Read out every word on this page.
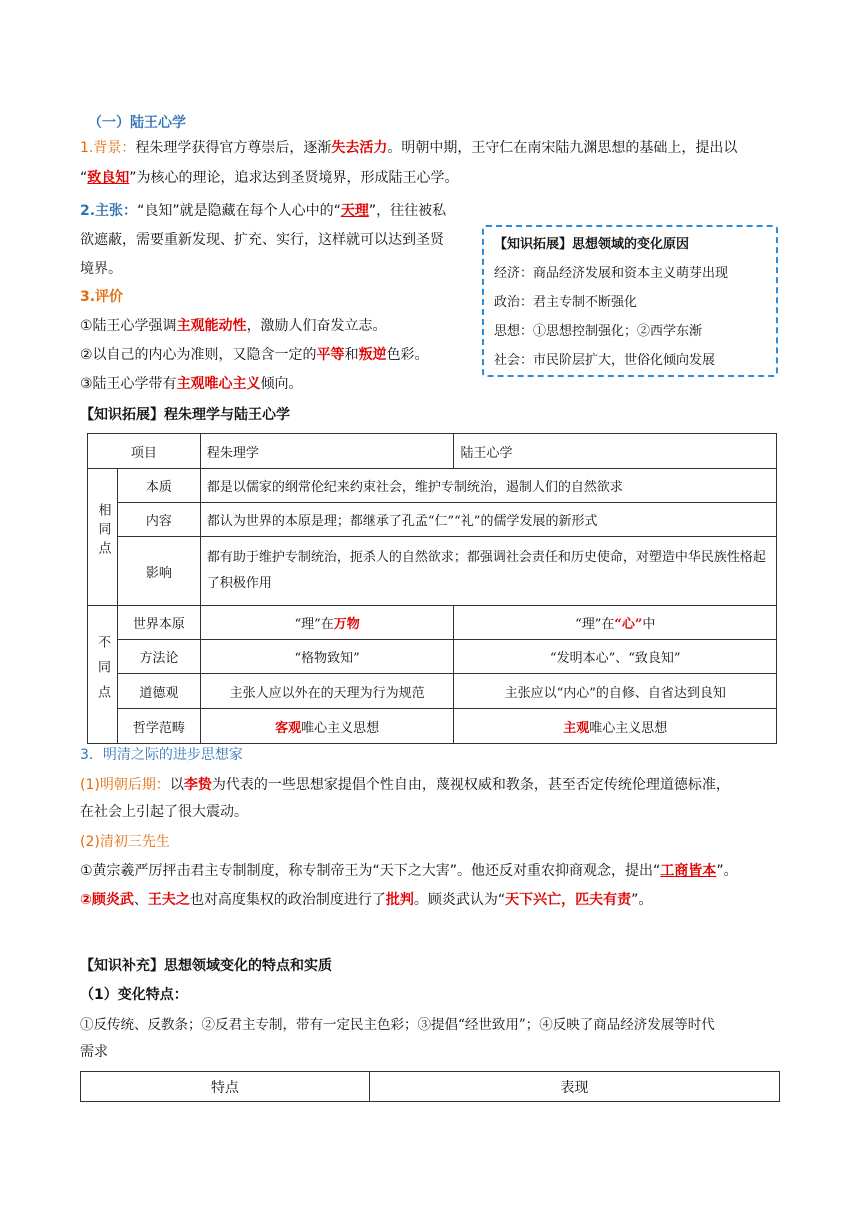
（一）陆王心学
1.背景：程朱理学获得官方尊崇后，逐渐失去活力。明朝中期，王守仁在南宋陆九渊思想的基础上，提出以
“致良知”为核心的理论，追求达到圣贤境界，形成陆王心学。
2.主张：“良知”就是隐藏在每个人心中的“天理”，往往被私
欲遮蔽，需要重新发现、扩充、实行，这样就可以达到圣贤
境界。
3.评价
①陆王心学强调主观能动性，激励人们奋发立志。
②以自己的内心为准则，又隐含一定的平等和叛逆色彩。
③陆王心学带有主观唯心主义倾向。
【知识拓展】思想领域的变化原因
经济：商品经济发展和资本主义萌芽出现
政治：君主专制不断强化
思想：①思想控制强化；②西学东渐
社会：市民阶层扩大，世俗化倾向发展
【知识拓展】程朱理学与陆王心学
项目		程朱理学	陆王心学
相同点	本质	都是以儒家的纲常伦纪来约束社会，维护专制统治，遏制人们的自然欲求	
	内容	都认为世界的本原是理；都继承了孔孟“仁”“礼”的儒学发展的新形式	
	影响	都有助于维护专制统治，扼杀人的自然欲求；都强调社会责任和历史使命，对塑造中华民族性格起了积极作用	
不同点	世界本原	“理”在万物	“理”在“心”中
	方法论	“格物致知”	“发明本心”、“致良知”
	道德观	主张人应以外在的天理为行为规范	主张应以“内心”的自修、自省达到良知
	哲学范畴	客观唯心主义思想	主观唯心主义思想
3．明清之际的进步思想家
(1)明朝后期：以李贽为代表的一些思想家提倡个性自由，蔑视权威和教条，甚至否定传统伦理道德标准，
在社会上引起了很大震动。
(2)清初三先生
①黄宗羲严厉抨击君主专制制度，称专制帝王为“天下之大害”。他还反对重农抑商观念，提出“工商皆本”。
②顾炎武、王夫之也对高度集权的政治制度进行了批判。顾炎武认为“天下兴亡，匹夫有责”。
【知识补充】思想领域变化的特点和实质
（1）变化特点：
①反传统、反教条；②反君主专制，带有一定民主色彩；③提倡“经世致用”；④反映了商品经济发展等时代
需求
特点	表现
